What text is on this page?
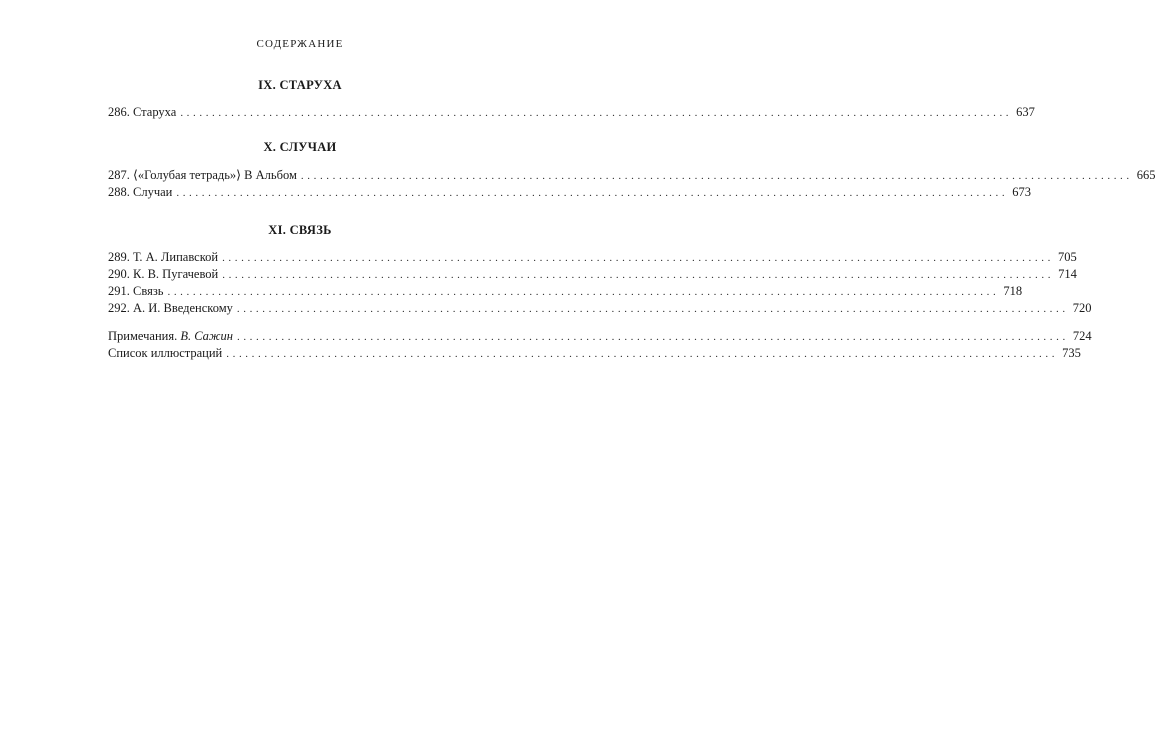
СОДЕРЖАНИЕ
IX. СТАРУХА
286. Старуха ................................................................................................................................... 637
X. СЛУЧАИ
287. ⟨«Голубая тетрадь»⟩ В Альбом ................................................................................................................................... 665
288. Случаи ................................................................................................................................... 673
XI. СВЯЗЬ
289. Т. А. Липавской ................................................................................................................................... 705
290. К. В. Пугачевой ................................................................................................................................... 714
291. Связь ................................................................................................................................... 718
292. А. И. Введенскому ................................................................................................................................... 720
Примечания. В. Сажин ................................................................................................................................... 724
Список иллюстраций ................................................................................................................................... 735
